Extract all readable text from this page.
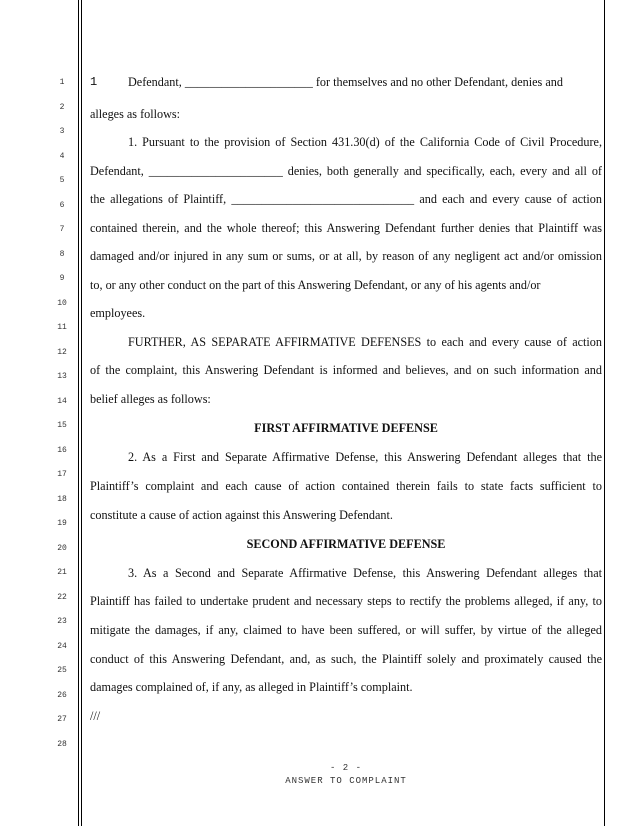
1
2
3
4
5
6
7
8
9
10
11
12
13
14
15
16
17
18
19
20
21
22
23
24
25
26
27
28
1	Defendant, _____________________ for themselves and no other Defendant, denies and
alleges as follows:
1. Pursuant to the provision of Section 431.30(d) of the California Code of Civil Procedure,
Defendant, ______________________ denies, both generally and specifically, each, every and all of
the allegations of Plaintiff, ______________________________ and each and every cause of action
contained therein, and the whole thereof; this Answering Defendant further denies that Plaintiff was
damaged and/or injured in any sum or sums, or at all, by reason of any negligent act and/or omission
to, or any other conduct on the part of this Answering Defendant, or any of his agents and/or
employees.
FURTHER, AS SEPARATE AFFIRMATIVE DEFENSES to each and every cause of action
of the complaint, this Answering Defendant is informed and believes, and on such information and
belief alleges as follows:
FIRST AFFIRMATIVE DEFENSE
2. As a First and Separate Affirmative Defense, this Answering Defendant alleges that the
Plaintiff’s complaint and each cause of action contained therein fails to state facts sufficient to
constitute a cause of action against this Answering Defendant.
SECOND AFFIRMATIVE DEFENSE
3. As a Second and Separate Affirmative Defense, this Answering Defendant alleges that
Plaintiff has failed to undertake prudent and necessary steps to rectify the problems alleged, if any, to
mitigate the damages, if any, claimed to have been suffered, or will suffer, by virtue of the alleged
conduct of this Answering Defendant, and, as such, the Plaintiff solely and proximately caused the
damages complained of, if any, as alleged in Plaintiff’s complaint.
///
- 2 -
ANSWER TO COMPLAINT
